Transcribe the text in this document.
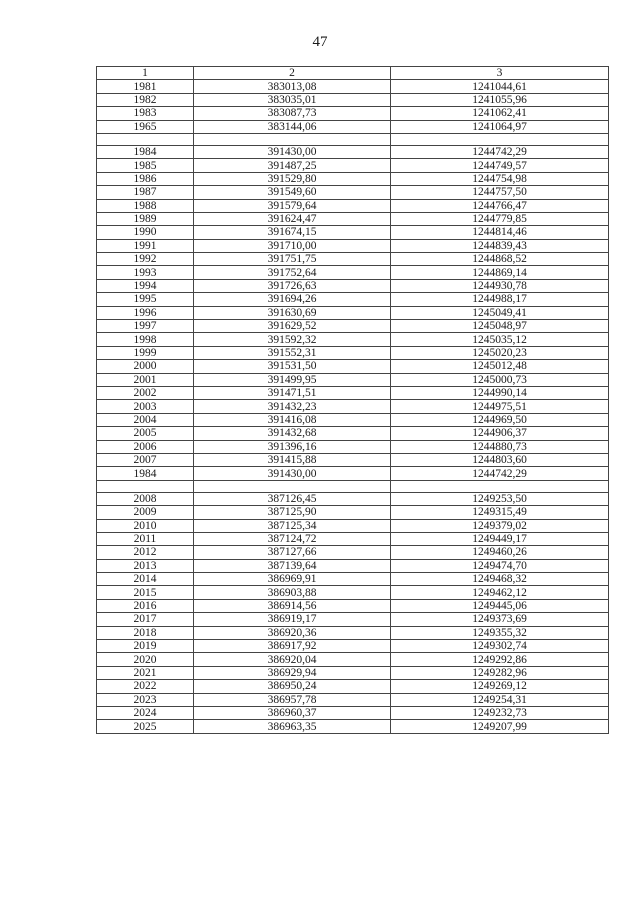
47
1	2	3
1981	383013,08	1241044,61
1982	383035,01	1241055,96
1983	383087,73	1241062,41
1965	383144,06	1241064,97

1984	391430,00	1244742,29
1985	391487,25	1244749,57
1986	391529,80	1244754,98
1987	391549,60	1244757,50
1988	391579,64	1244766,47
1989	391624,47	1244779,85
1990	391674,15	1244814,46
1991	391710,00	1244839,43
1992	391751,75	1244868,52
1993	391752,64	1244869,14
1994	391726,63	1244930,78
1995	391694,26	1244988,17
1996	391630,69	1245049,41
1997	391629,52	1245048,97
1998	391592,32	1245035,12
1999	391552,31	1245020,23
2000	391531,50	1245012,48
2001	391499,95	1245000,73
2002	391471,51	1244990,14
2003	391432,23	1244975,51
2004	391416,08	1244969,50
2005	391432,68	1244906,37
2006	391396,16	1244880,73
2007	391415,88	1244803,60
1984	391430,00	1244742,29

2008	387126,45	1249253,50
2009	387125,90	1249315,49
2010	387125,34	1249379,02
2011	387124,72	1249449,17
2012	387127,66	1249460,26
2013	387139,64	1249474,70
2014	386969,91	1249468,32
2015	386903,88	1249462,12
2016	386914,56	1249445,06
2017	386919,17	1249373,69
2018	386920,36	1249355,32
2019	386917,92	1249302,74
2020	386920,04	1249292,86
2021	386929,94	1249282,96
2022	386950,24	1249269,12
2023	386957,78	1249254,31
2024	386960,37	1249232,73
2025	386963,35	1249207,99
